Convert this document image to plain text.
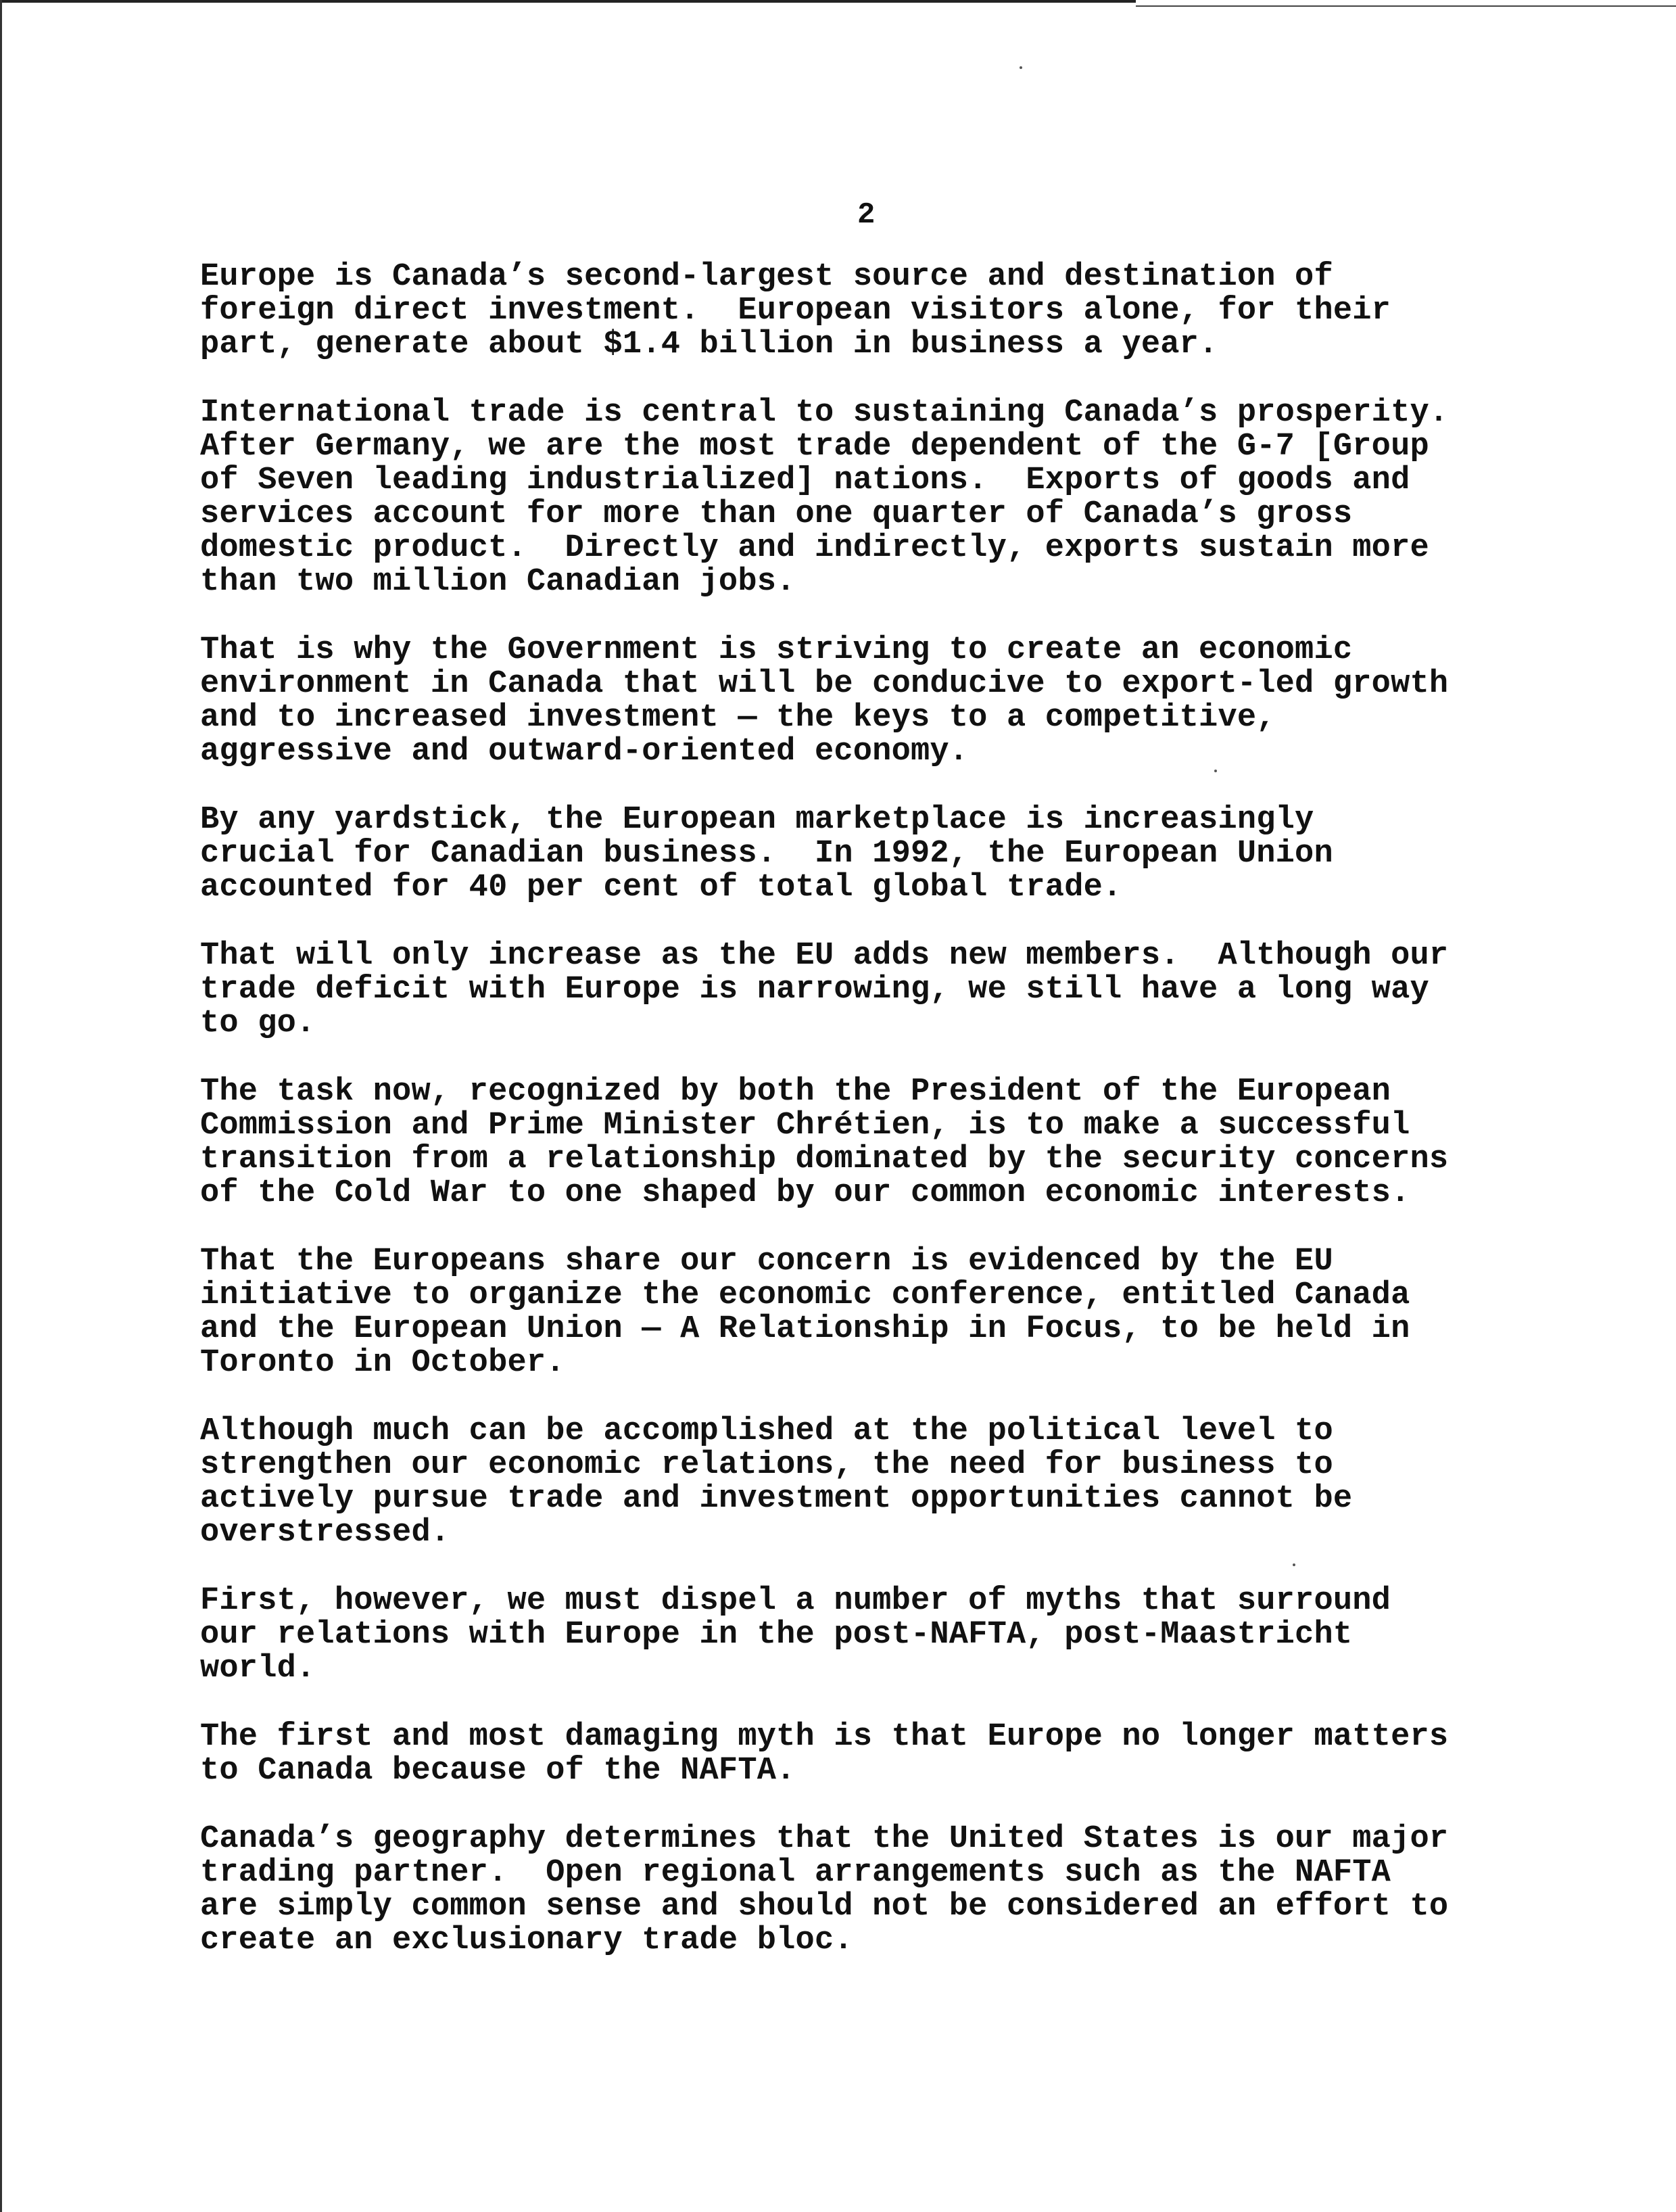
2

Europe is Canada’s second-largest source and destination of
foreign direct investment.  European visitors alone, for their
part, generate about $1.4 billion in business a year.

International trade is central to sustaining Canada’s prosperity.
After Germany, we are the most trade dependent of the G-7 [Group
of Seven leading industrialized] nations.  Exports of goods and
services account for more than one quarter of Canada’s gross
domestic product.  Directly and indirectly, exports sustain more
than two million Canadian jobs.

That is why the Government is striving to create an economic
environment in Canada that will be conducive to export-led growth
and to increased investment — the keys to a competitive,
aggressive and outward-oriented economy.

By any yardstick, the European marketplace is increasingly
crucial for Canadian business.  In 1992, the European Union
accounted for 40 per cent of total global trade.

That will only increase as the EU adds new members.  Although our
trade deficit with Europe is narrowing, we still have a long way
to go.

The task now, recognized by both the President of the European
Commission and Prime Minister Chrétien, is to make a successful
transition from a relationship dominated by the security concerns
of the Cold War to one shaped by our common economic interests.

That the Europeans share our concern is evidenced by the EU
initiative to organize the economic conference, entitled Canada
and the European Union — A Relationship in Focus, to be held in
Toronto in October.

Although much can be accomplished at the political level to
strengthen our economic relations, the need for business to
actively pursue trade and investment opportunities cannot be
overstressed.

First, however, we must dispel a number of myths that surround
our relations with Europe in the post-NAFTA, post-Maastricht
world.

The first and most damaging myth is that Europe no longer matters
to Canada because of the NAFTA.

Canada’s geography determines that the United States is our major
trading partner.  Open regional arrangements such as the NAFTA
are simply common sense and should not be considered an effort to
create an exclusionary trade bloc.
